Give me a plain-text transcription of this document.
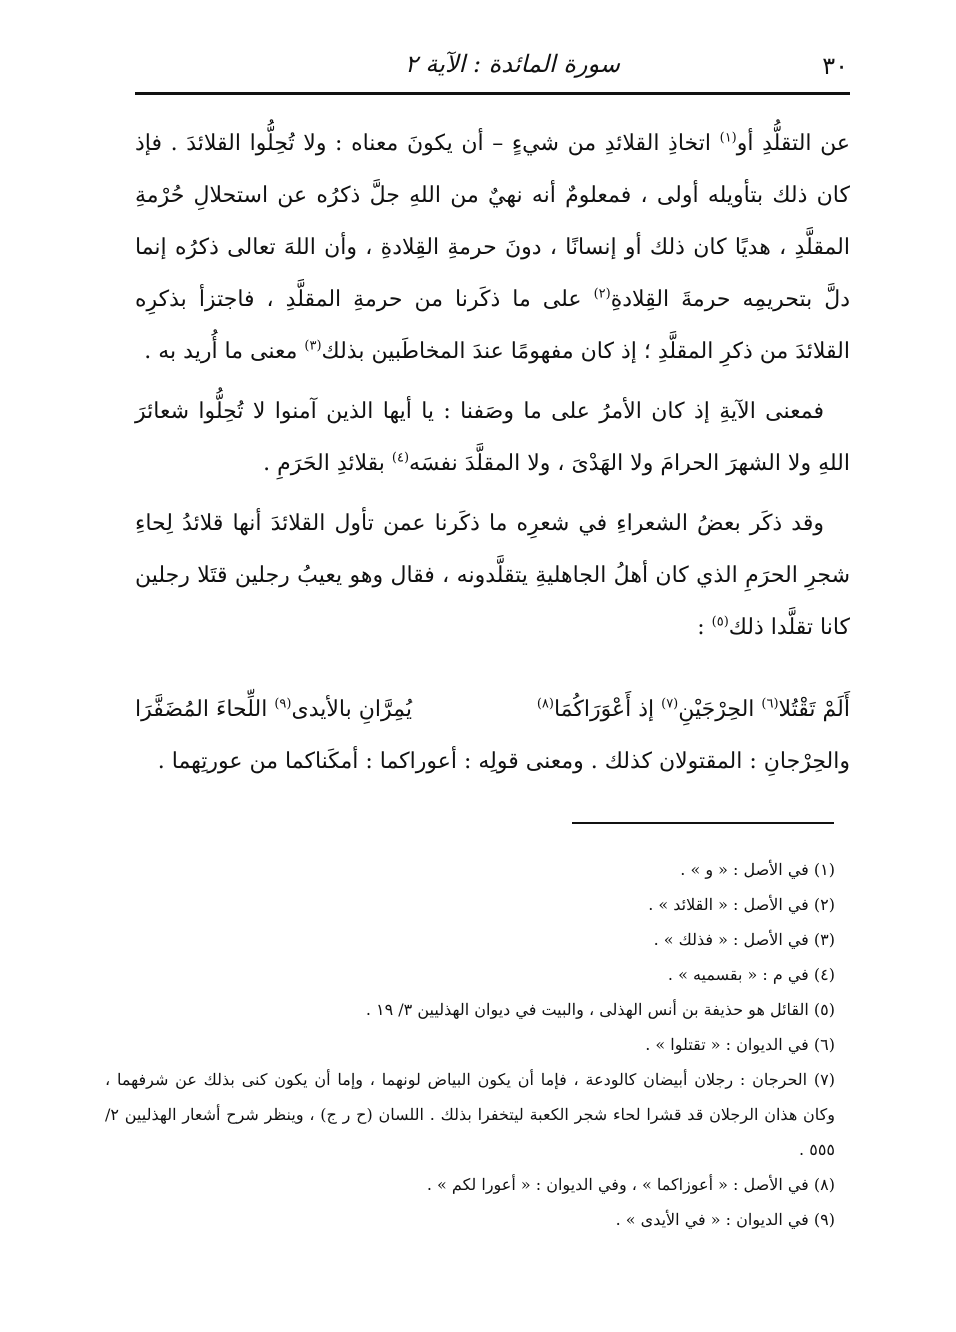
٣٠
سورة المائدة : الآية ٢

عن التقلُّدِ أو$^{(١)}$ اتخاذِ القلائدِ من شيءٍ – أن يكونَ معناه : ولا تُحِلُّوا القلائدَ . فإذ كان ذلك بتأويله أولى ، فمعلومٌ أنه نهيٌ من اللهِ جلَّ ذكرُه عن استحلالِ حُرْمةِ المقلَّدِ ، هديًا كان ذلك أو إنسانًا ، دونَ حرمةِ القِلادةِ ، وأن اللهَ تعالى ذكرُه إنما دلَّ بتحريمِه حرمةَ القِلادةِ$^{(٢)}$ على ما ذكَرنا من حرمةِ المقلَّدِ ، فاجتزأ بذكرِه القلائدَ من ذكرِ المقلَّدِ ؛ إذ كان مفهومًا عندَ المخاطَبين بذلك$^{(٣)}$ معنى ما أُريد به .

فمعنى الآيةِ إذ كان الأمرُ على ما وصَفنا : يا أيها الذين آمنوا لا تُحِلُّوا شعائرَ اللهِ ولا الشهرَ الحرامَ ولا الهَدْىَ ، ولا المقلَّدَ نفسَه$^{(٤)}$ بقلائدِ الحَرَمِ .

وقد ذكَر بعضُ الشعراءِ في شعرِه ما ذكَرنا عمن تأول القلائدَ أنها قلائدُ لِحاءِ شجرِ الحرَمِ الذي كان أهلُ الجاهليةِ يتقلَّدونه ، فقال وهو يعيبُ رجلين قتَلا رجلين كانا تقلَّدا ذلك$^{(٥)}$ :

أَلَمْ تَقْتُلا$^{(٦)}$ الحِرْجَيْنِ$^{(٧)}$ إذ أَعْوَرَاكُمَا$^{(٨)}$
يُمِرَّانِ بالأيدى$^{(٩)}$ اللِّحاءَ المُضَفَّرَا
والحِرْجانِ : المقتولان كذلك . ومعنى قولِه : أعوراكما : أمكَناكما من عورتِهما .

(١) في الأصل : « و » .

(٢) في الأصل : « القلائد » .

(٣) في الأصل : « فذلك » .

(٤) في م : « بقسميه » .

(٥) القائل هو حذيفة بن أنس الهذلى ، والبيت في ديوان الهذليين ٣/ ١٩ .

(٦) في الديوان : « تقتلوا » .

(٧) الحرجان : رجلان أبيضان كالودعة ، فإما أن يكون البياض لونهما ، وإما أن يكون كنى بذلك عن شرفهما ، وكان هذان الرجلان قد قشرا لحاء شجر الكعبة ليتخفرا بذلك . اللسان (ح ر ج) ، وينظر شرح أشعار الهذليين ٢/ ٥٥٥ .

(٨) في الأصل : « أعوزاكما » ، وفي الديوان : « أعورا لكم » .

(٩) في الديوان : « في الأيدى » .
